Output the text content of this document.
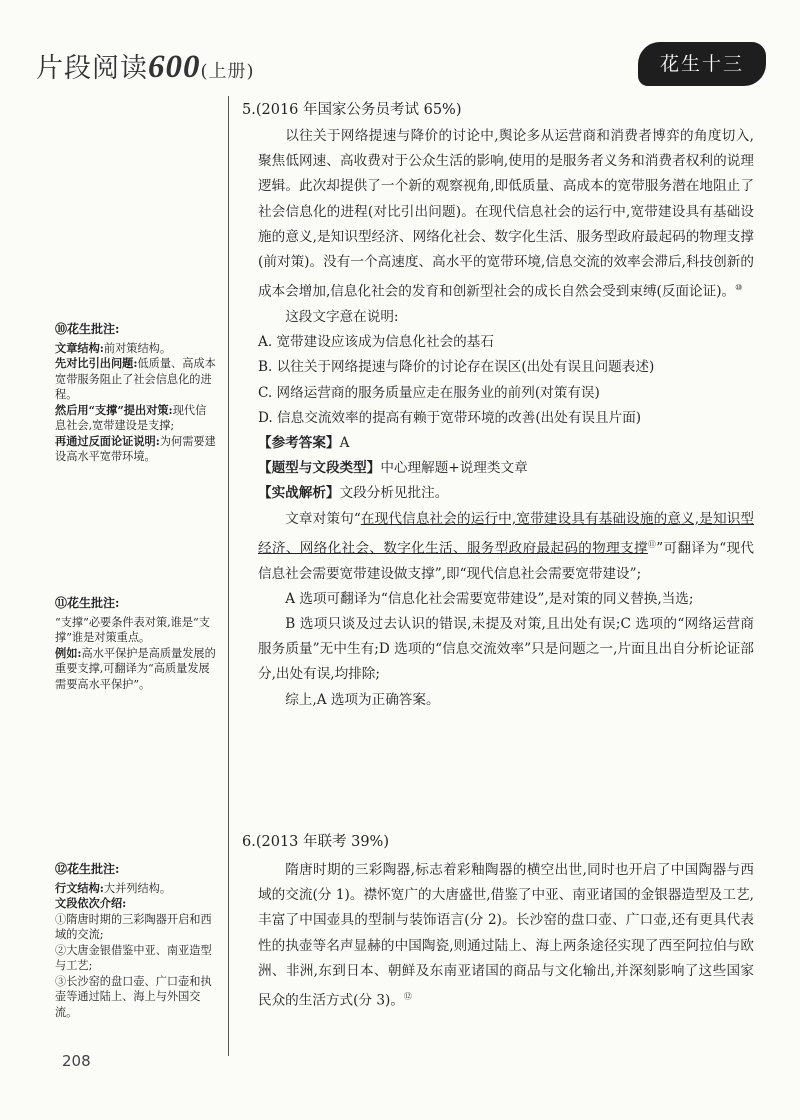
片段阅读600(上册)	花生十三
⑩花生批注:

文章结构:前对策结构。

先对比引出问题:低质量、高成本宽带服务阻止了社会信息化的进程。

然后用“支撑”提出对策:现代信息社会,宽带建设是支撑;

再通过反面论证说明:为何需要建设高水平宽带环境。

⑪花生批注:

“支撑”必要条件表对策,谁是“支撑”谁是对策重点。

例如:高水平保护是高质量发展的重要支撑,可翻译为“高质量发展需要高水平保护”。

⑫花生批注:

行文结构:大并列结构。

文段依次介绍:

①隋唐时期的三彩陶器开启和西域的交流;

②大唐金银借鉴中亚、南亚造型与工艺;

③长沙窑的盘口壶、广口壶和执壶等通过陆上、海上与外国交流。

5.(2016 年国家公务员考试 65%)

以往关于网络提速与降价的讨论中,舆论多从运营商和消费者博弈的角度切入,聚焦低网速、高收费对于公众生活的影响,使用的是服务者义务和消费者权利的说理逻辑。此次却提供了一个新的观察视角,即低质量、高成本的宽带服务潜在地阻止了社会信息化的进程(对比引出问题)。在现代信息社会的运行中,宽带建设具有基础设施的意义,是知识型经济、网络化社会、数字化生活、服务型政府最起码的物理支撑(前对策)。没有一个高速度、高水平的宽带环境,信息交流的效率会滞后,科技创新的成本会增加,信息化社会的发育和创新型社会的成长自然会受到束缚(反面论证)。⑩

这段文字意在说明:

A. 宽带建设应该成为信息化社会的基石

B. 以往关于网络提速与降价的讨论存在误区(出处有误且问题表述)

C. 网络运营商的服务质量应走在服务业的前列(对策有误)

D. 信息交流效率的提高有赖于宽带环境的改善(出处有误且片面)

【参考答案】A

【题型与文段类型】中心理解题+说理类文章

【实战解析】文段分析见批注。

文章对策句“在现代信息社会的运行中,宽带建设具有基础设施的意义,是知识型经济、网络化社会、数字化生活、服务型政府最起码的物理支撑⑪”可翻译为“现代信息社会需要宽带建设做支撑”,即“现代信息社会需要宽带建设”;

A 选项可翻译为“信息化社会需要宽带建设”,是对策的同义替换,当选;

B 选项只谈及过去认识的错误,未提及对策,且出处有误;C 选项的“网络运营商服务质量”无中生有;D 选项的“信息交流效率”只是问题之一,片面且出自分析论证部分,出处有误,均排除;

综上,A 选项为正确答案。

6.(2013 年联考 39%)

隋唐时期的三彩陶器,标志着彩釉陶器的横空出世,同时也开启了中国陶器与西域的交流(分 1)。襟怀宽广的大唐盛世,借鉴了中亚、南亚诸国的金银器造型及工艺,丰富了中国壶具的型制与装饰语言(分 2)。长沙窑的盘口壶、广口壶,还有更具代表性的执壶等名声显赫的中国陶瓷,则通过陆上、海上两条途径实现了西至阿拉伯与欧洲、非洲,东到日本、朝鲜及东南亚诸国的商品与文化输出,并深刻影响了这些国家民众的生活方式(分 3)。⑫

208
